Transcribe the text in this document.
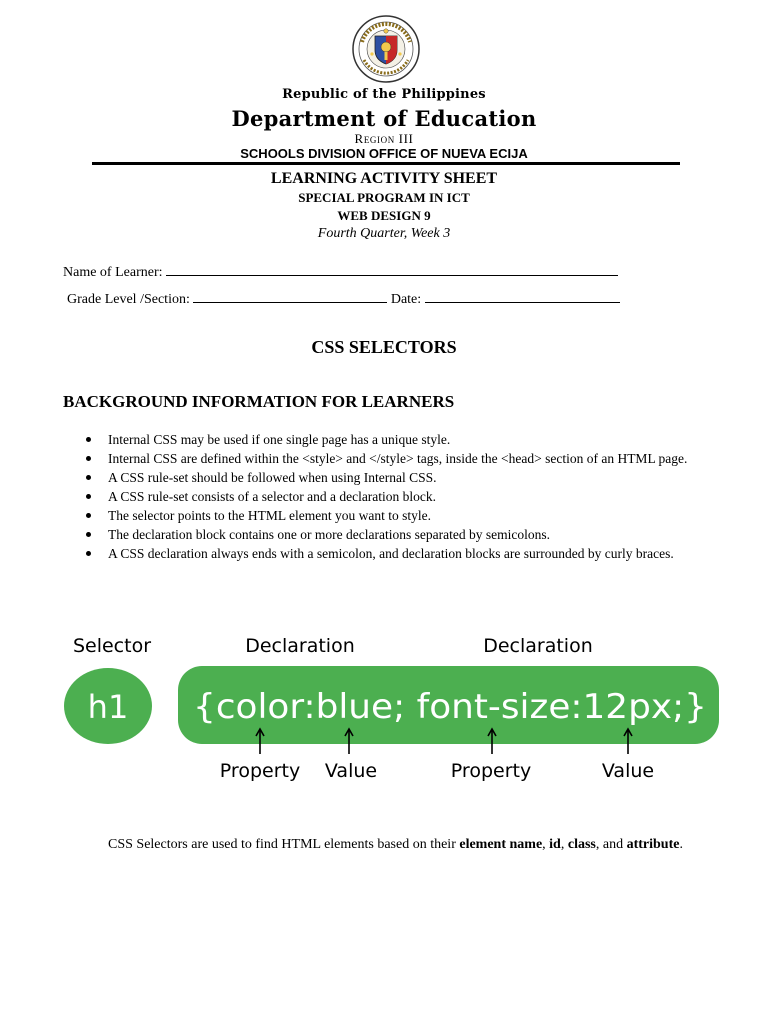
Republic of the Philippines
Department of Education
Region III
SCHOOLS DIVISION OFFICE OF NUEVA ECIJA
LEARNING ACTIVITY SHEET
SPECIAL PROGRAM IN ICT
WEB DESIGN 9
Fourth Quarter, Week 3
Name of Learner:
Grade Level /Section:	Date:
CSS SELECTORS
BACKGROUND INFORMATION FOR LEARNERS
Internal CSS may be used if one single page has a unique style.
Internal CSS are defined within the <style> and </style> tags, inside the <head> section of an HTML page.
A CSS rule-set should be followed when using Internal CSS.
A CSS rule-set consists of a selector and a declaration block.
The selector points to the HTML element you want to style.
The declaration block contains one or more declarations separated by semicolons.
A CSS declaration always ends with a semicolon, and declaration blocks are surrounded by curly braces.
Selector	Declaration	Declaration
h1 {color:blue; font-size:12px;}
Property Value	Property	Value

CSS Selectors are used to find HTML elements based on their element name, id, class, and attribute.
